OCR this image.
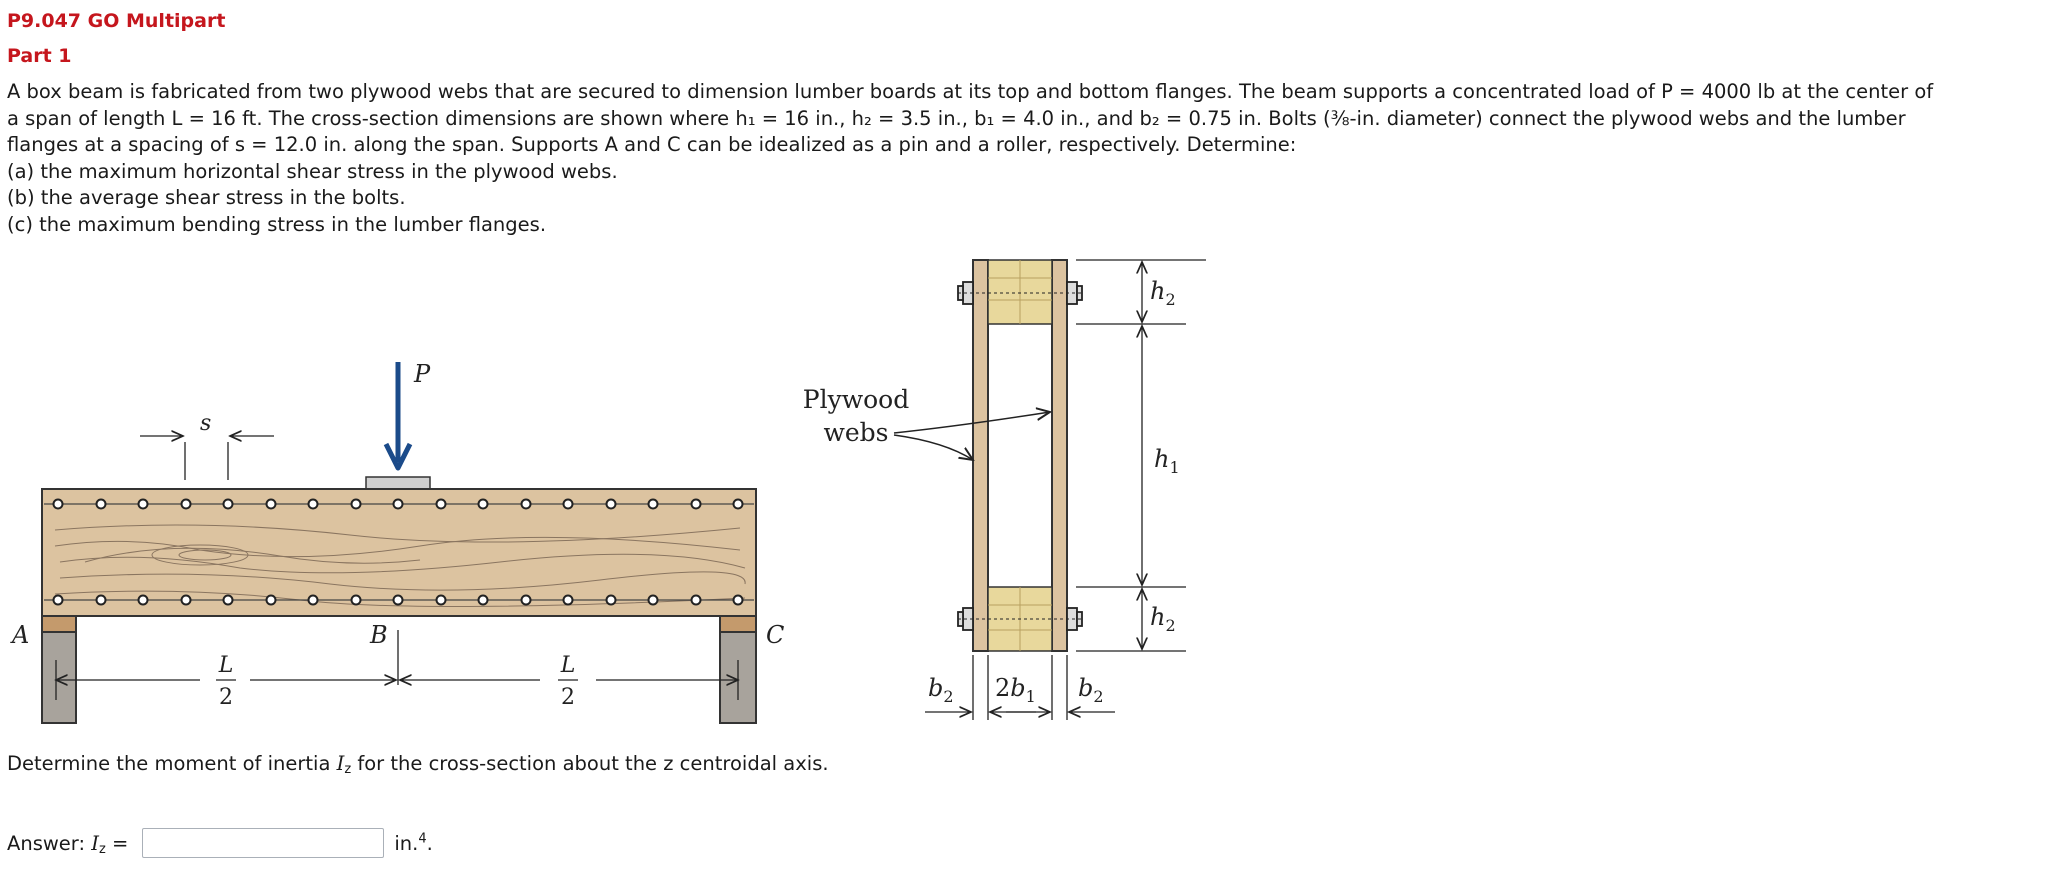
P9.047 GO Multipart
Part 1

A box beam is fabricated from two plywood webs that are secured to dimension lumber boards at its top and bottom flanges. The beam supports a concentrated load of P = 4000 lb at the center of

a span of length L = 16 ft. The cross-section dimensions are shown where h₁ = 16 in., h₂ = 3.5 in., b₁ = 4.0 in., and b₂ = 0.75 in. Bolts (⅜-in. diameter) connect the plywood webs and the lumber

flanges at a spacing of s = 12.0 in. along the span. Supports A and C can be idealized as a pin and a roller, respectively. Determine:

(a) the maximum horizontal shear stress in the plywood webs.

(b) the average shear stress in the bolts.

(c) the maximum bending stress in the lumber flanges.

P
s
A	B	C
L
2
L
2
Plywood
webs
$h_2$
$h_1$
$h_2$
$b_2$ $2b_1$ $b_2$
Determine the moment of inertia $I_z$ for the cross-section about the z centroidal axis.
Answer: $I_z$ =	in.$^4$.
